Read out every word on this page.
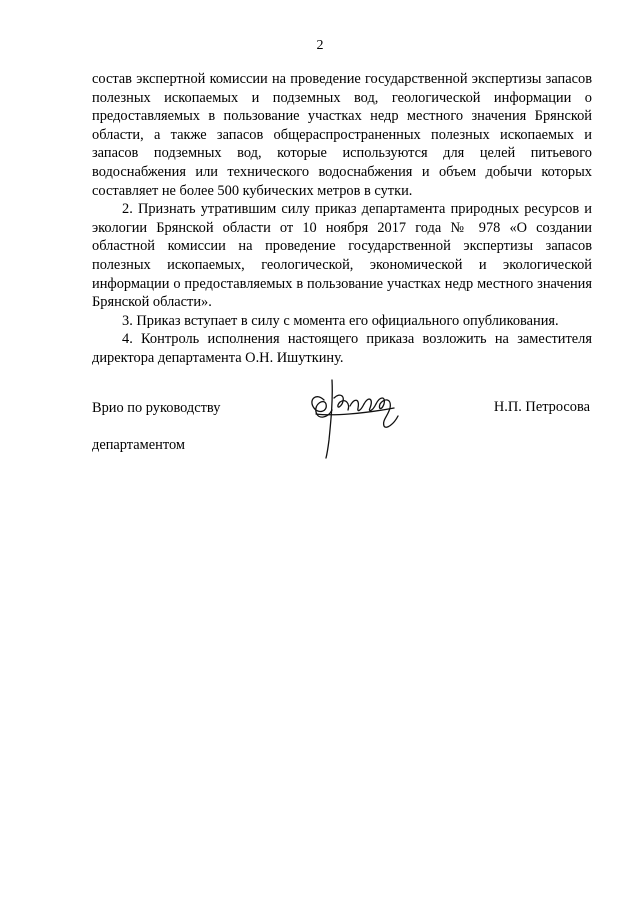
2

состав экспертной комиссии на проведение государственной экспертизы запасов полезных ископаемых и подземных вод, геологической информации о предоставляемых в пользование участках недр местного значения Брянской области, а также запасов общераспространенных полезных ископаемых и запасов подземных вод, которые используются для целей питьевого водоснабжения или технического водоснабжения и объем добычи которых составляет не более 500 кубических метров в сутки.

2. Признать утратившим силу приказ департамента природных ресурсов и экологии Брянской области от 10 ноября 2017 года № 978 «О создании областной комиссии на проведение государственной экспертизы запасов полезных ископаемых, геологической, экономической и экологической информации о предоставляемых в пользование участках недр местного значения Брянской области».

3. Приказ вступает в силу с момента его официального опубликования.

4. Контроль исполнения настоящего приказа возложить на заместителя директора департамента О.Н. Ишуткину.

Врио по руководству

департаментом

Н.П. Петросова
